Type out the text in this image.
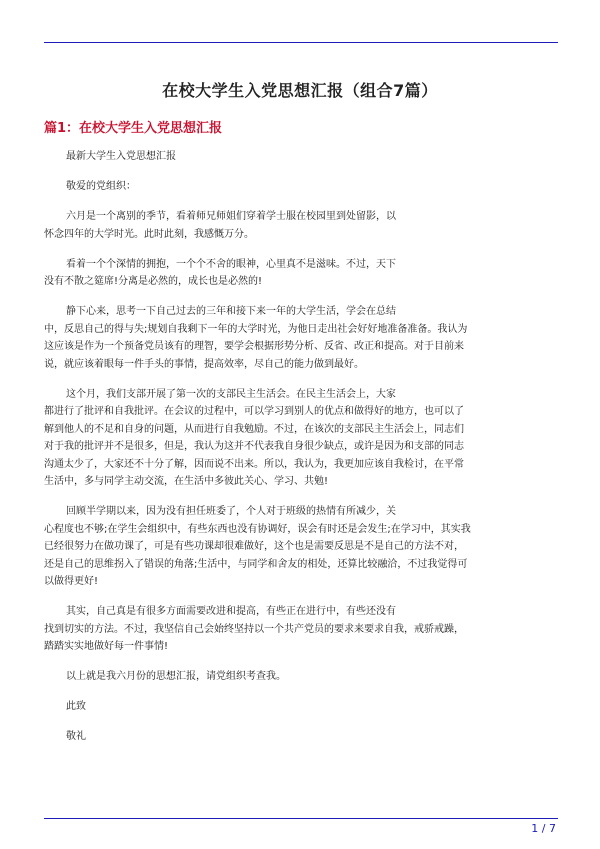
在校大学生入党思想汇报（组合7篇）
篇1：在校大学生入党思想汇报
最新大学生入党思想汇报
敬爱的党组织：
六月是一个离别的季节，看着师兄师姐们穿着学士服在校园里到处留影，以
怀念四年的大学时光。此时此刻，我感慨万分。
看着一个个深情的拥抱，一个个不舍的眼神，心里真不是滋味。不过，天下
没有不散之筵席!分离是必然的，成长也是必然的!
静下心来，思考一下自己过去的三年和接下来一年的大学生活，学会在总结
中，反思自己的得与失;规划自我剩下一年的大学时光，为他日走出社会好好地准备准备。我认为
这应该是作为一个预备党员该有的理智，要学会根据形势分析、反省、改正和提高。对于目前来
说，就应该着眼每一件手头的事情，提高效率，尽自己的能力做到最好。
这个月，我们支部开展了第一次的支部民主生活会。在民主生活会上，大家
都进行了批评和自我批评。在会议的过程中，可以学习到别人的优点和做得好的地方，也可以了
解到他人的不足和自身的问题，从而进行自我勉励。不过，在该次的支部民主生活会上，同志们
对于我的批评并不是很多，但是，我认为这并不代表我自身很少缺点，或许是因为和支部的同志
沟通太少了，大家还不十分了解，因而说不出来。所以，我认为，我更加应该自我检讨，在平常
生活中，多与同学主动交流，在生活中多彼此关心、学习、共勉!
回顾半学期以来，因为没有担任班委了，个人对于班级的热情有所减少，关
心程度也不够;在学生会组织中，有些东西也没有协调好，误会有时还是会发生;在学习中，其实我
已经很努力在做功课了，可是有些功课却很难做好，这个也是需要反思是不是自己的方法不对，
还是自己的思维拐入了错误的角落;生活中，与同学和舍友的相处，还算比较融洽，不过我觉得可
以做得更好!
其实，自己真是有很多方面需要改进和提高，有些正在进行中，有些还没有
找到切实的方法。不过，我坚信自己会始终坚持以一个共产党员的要求来要求自我，戒骄戒躁，
踏踏实实地做好每一件事情!
以上就是我六月份的思想汇报，请党组织考查我。
此致
敬礼
1 / 7
